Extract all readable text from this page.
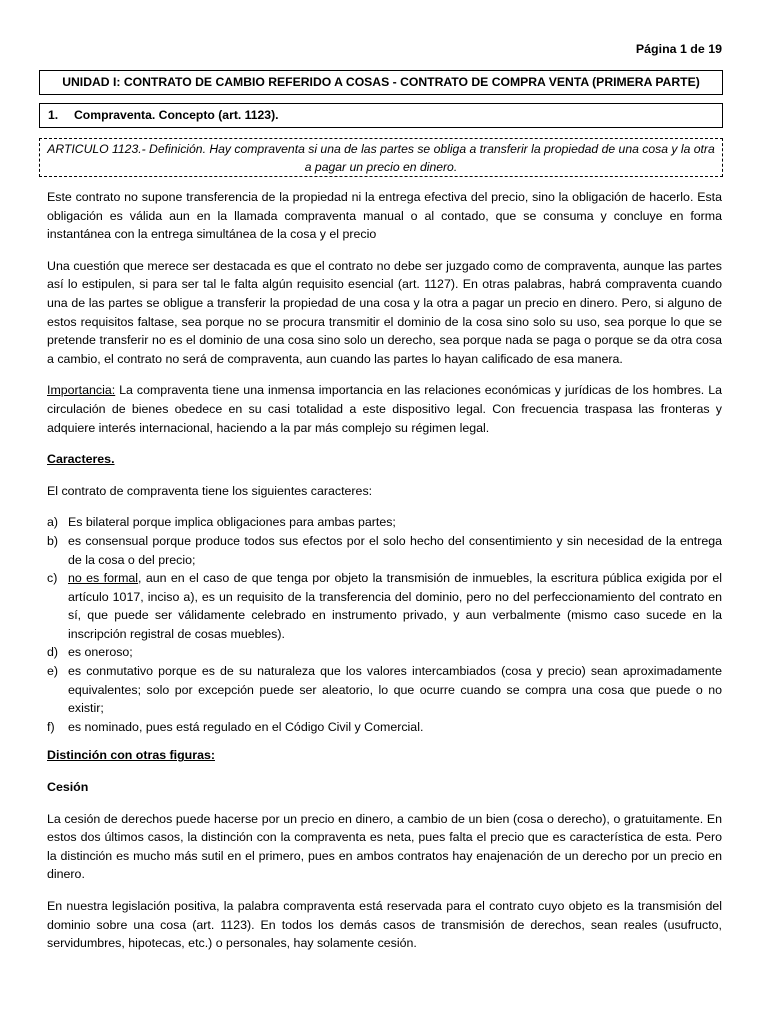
Página 1 de 19
UNIDAD I: CONTRATO DE CAMBIO REFERIDO A COSAS - CONTRATO DE COMPRA VENTA (PRIMERA PARTE)
1. Compraventa. Concepto (art. 1123).
ARTICULO 1123.- Definición. Hay compraventa si una de las partes se obliga a transferir la propiedad de una cosa y la otra a pagar un precio en dinero.

Este contrato no supone transferencia de la propiedad ni la entrega efectiva del precio, sino la obligación de hacerlo. Esta obligación es válida aun en la llamada compraventa manual o al contado, que se consuma y concluye en forma instantánea con la entrega simultánea de la cosa y el precio

Una cuestión que merece ser destacada es que el contrato no debe ser juzgado como de compraventa, aunque las partes así lo estipulen, si para ser tal le falta algún requisito esencial (art. 1127). En otras palabras, habrá compraventa cuando una de las partes se obligue a transferir la propiedad de una cosa y la otra a pagar un precio en dinero. Pero, si alguno de estos requisitos faltase, sea porque no se procura transmitir el dominio de la cosa sino solo su uso, sea porque lo que se pretende transferir no es el dominio de una cosa sino solo un derecho, sea porque nada se paga o porque se da otra cosa a cambio, el contrato no será de compraventa, aun cuando las partes lo hayan calificado de esa manera.

Importancia: La compraventa tiene una inmensa importancia en las relaciones económicas y jurídicas de los hombres. La circulación de bienes obedece en su casi totalidad a este dispositivo legal. Con frecuencia traspasa las fronteras y adquiere interés internacional, haciendo a la par más complejo su régimen legal.

Caracteres.

El contrato de compraventa tiene los siguientes caracteres:

a) Es bilateral porque implica obligaciones para ambas partes;
b) es consensual porque produce todos sus efectos por el solo hecho del consentimiento y sin necesidad de la entrega de la cosa o del precio;
c) no es formal, aun en el caso de que tenga por objeto la transmisión de inmuebles, la escritura pública exigida por el artículo 1017, inciso a), es un requisito de la transferencia del dominio, pero no del perfeccionamiento del contrato en sí, que puede ser válidamente celebrado en instrumento privado, y aun verbalmente (mismo caso sucede en la inscripción registral de cosas muebles).
d) es oneroso;
e) es conmutativo porque es de su naturaleza que los valores intercambiados (cosa y precio) sean aproximadamente equivalentes; solo por excepción puede ser aleatorio, lo que ocurre cuando se compra una cosa que puede o no existir;
f) es nominado, pues está regulado en el Código Civil y Comercial.

Distinción con otras figuras:

Cesión

La cesión de derechos puede hacerse por un precio en dinero, a cambio de un bien (cosa o derecho), o gratuitamente. En estos dos últimos casos, la distinción con la compraventa es neta, pues falta el precio que es característica de esta. Pero la distinción es mucho más sutil en el primero, pues en ambos contratos hay enajenación de un derecho por un precio en dinero.

En nuestra legislación positiva, la palabra compraventa está reservada para el contrato cuyo objeto es la transmisión del dominio sobre una cosa (art. 1123). En todos los demás casos de transmisión de derechos, sean reales (usufructo, servidumbres, hipotecas, etc.) o personales, hay solamente cesión.
